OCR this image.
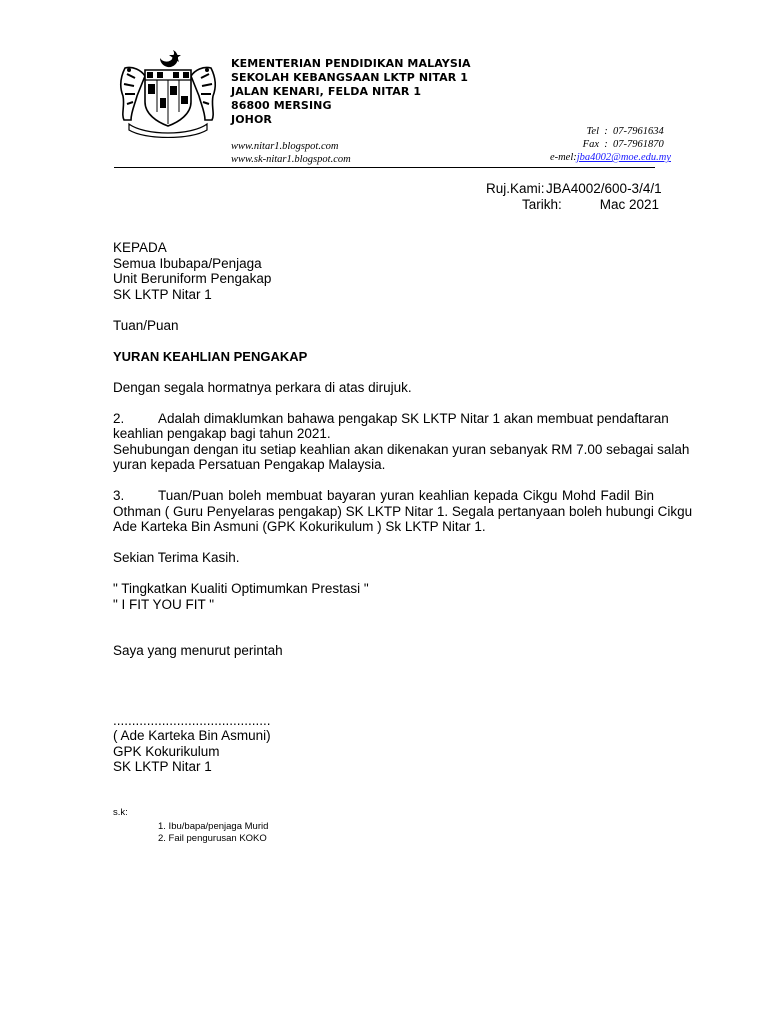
KEMENTERIAN PENDIDIKAN MALAYSIA
SEKOLAH KEBANGSAAN LKTP NITAR 1
JALAN KENARI, FELDA NITAR 1
86800 MERSING
JOHOR
www.nitar1.blogspot.com
www.sk-nitar1.blogspot.com
Tel : 07-7961634
Fax : 07-7961870
e-mel:jba4002@moe.edu.my
Ruj.Kami:JBA4002/600-3/4/1
Tarikh:	Mac 2021
KEPADA
Semua Ibubapa/Penjaga
Unit Beruniform Pengakap
SK LKTP Nitar 1
Tuan/Puan
YURAN KEAHLIAN PENGAKAP
Dengan segala hormatnya perkara di atas dirujuk.
2. Adalah dimaklumkan bahawa pengakap SK LKTP Nitar 1 akan membuat pendaftaran
keahlian pengakap bagi tahun 2021.
Sehubungan dengan itu setiap keahlian akan dikenakan yuran sebanyak RM 7.00 sebagai salah
yuran kepada Persatuan Pengakap Malaysia.
3. Tuan/Puan boleh membuat bayaran yuran keahlian kepada Cikgu Mohd Fadil Bin
Othman ( Guru Penyelaras pengakap) SK LKTP Nitar 1. Segala pertanyaan boleh hubungi Cikgu
Ade Karteka Bin Asmuni (GPK Kokurikulum ) Sk LKTP Nitar 1.
Sekian Terima Kasih.
" Tingkatkan Kualiti Optimumkan Prestasi "
" I FIT YOU FIT "
Saya yang menurut perintah
..........................................
( Ade Karteka Bin Asmuni)
GPK Kokurikulum
SK LKTP Nitar 1
s.k:
1. Ibu/bapa/penjaga Murid
2. Fail pengurusan KOKO
